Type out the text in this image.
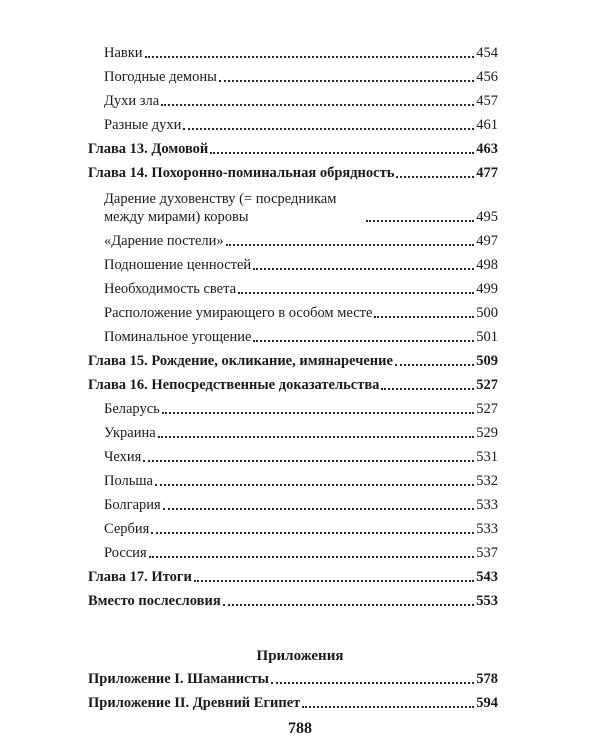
Навки	454
Погодные демоны	456
Духи зла	457
Разные духи	461
Глава 13. Домовой	463
Глава 14. Похоронно-поминальная обрядность	477
Дарение духовенству (= посредникам между мирами) коровы	495
«Дарение постели»	497
Подношение ценностей	498
Необходимость света	499
Расположение умирающего в особом месте	500
Поминальное угощение	501
Глава 15. Рождение, окликание, имянаречение	509
Глава 16. Непосредственные доказательства	527
Беларусь	527
Украина	529
Чехия	531
Польша	532
Болгария	533
Сербия	533
Россия	537
Глава 17. Итоги	543
Вместо послесловия	553
Приложения
Приложение I. Шаманисты	578
Приложение II. Древний Египет	594
788
